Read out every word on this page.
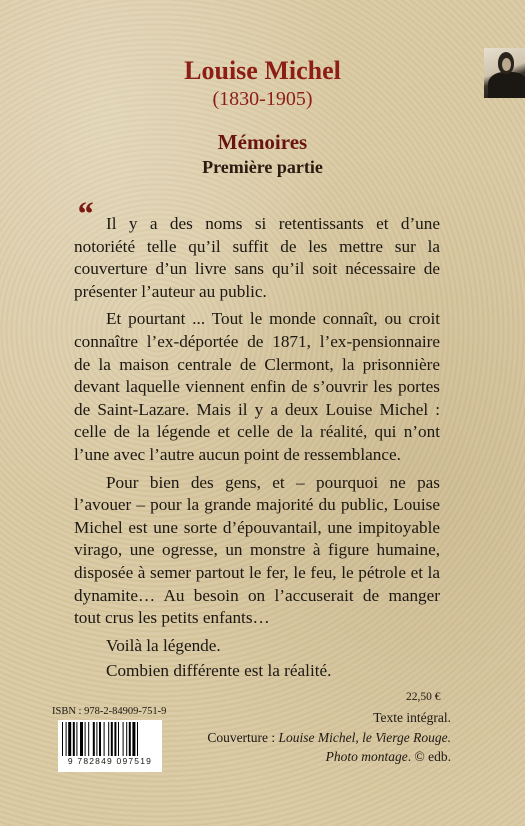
Louise Michel
(1830-1905)
Mémoires
Première partie
“ Il y a des noms si retentissants et d’une notoriété telle qu’il suffit de les mettre sur la couverture d’un livre sans qu’il soit nécessaire de présenter l’auteur au public.

Et pourtant ... Tout le monde connaît, ou croit connaître l’ex-déportée de 1871, l’ex-pensionnaire de la maison centrale de Clermont, la prisonnière devant laquelle viennent enfin de s’ouvrir les portes de Saint-Lazare. Mais il y a deux Louise Michel : celle de la légende et celle de la réalité, qui n’ont l’une avec l’autre aucun point de ressemblance.

Pour bien des gens, et – pourquoi ne pas l’avouer – pour la grande majorité du public, Louise Michel est une sorte d’épouvantail, une impitoyable virago, une ogresse, un monstre à figure humaine, disposée à semer partout le fer, le feu, le pétrole et la dynamite… Au besoin on l’accuserait de manger tout crus les petits enfants…

Voilà la légende.

Combien différente est la réalité.

22,50 €
ISBN : 978-2-84909-751-9
9 782849 097519
Texte intégral.
Couverture : Louise Michel, le Vierge Rouge.
Photo montage. © edb.
